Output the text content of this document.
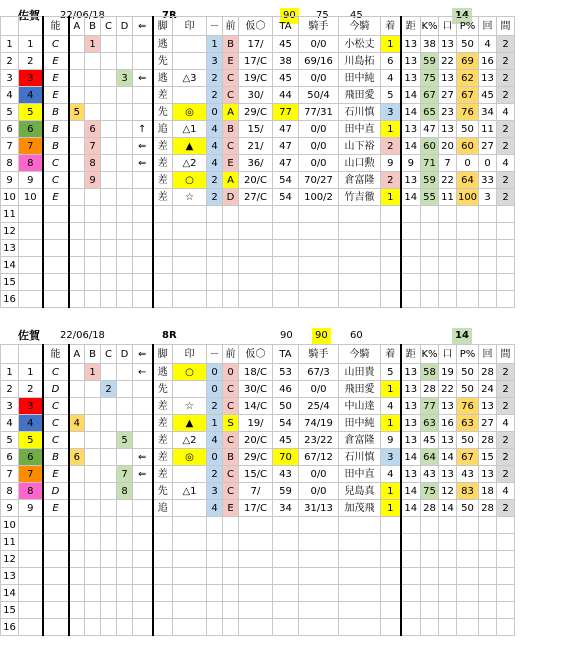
佐賀 22/06/18	7R	90	75 45	14
		能	A	B	C	D	⇐	脚	印	－	前	仮〇	TA	騎手	今騎	着	距	K%	口	P%	回	間
1	1	C		1				逃		1	B	17/	45	0/0	小松丈	1	13	38	13	50	4	2
2	2	E						先		3	E	17/C	38	69/16	川島拓	6	13	59	22	69	16	2
3	3	E				3	⇐	逃	△3	2	C	19/C	45	0/0	田中純	4	13	75	13	62	13	2
4	4	E						差		2	C	30/	44	50/4	飛田愛	5	14	67	27	67	45	2
5	5	B	5					先	◎	0	A	29/C	77	77/31	石川慎	3	14	65	23	76	34	4
6	6	B		6			↑	追	△1	4	B	15/	47	0/0	田中直	1	13	47	13	50	11	2
7	7	B		7			⇐	差	▲	4	C	21/	47	0/0	山下裕	2	14	60	20	60	27	2
8	8	C		8			⇐	差	△2	4	E	36/	47	0/0	山口勲	9	9	71	7	0	0	4
9	9	C		9				差	○	2	A	20/C	54	70/27	倉富隆	2	13	59	22	64	33	2
10	10	E						差	☆	2	D	27/C	54	100/2	竹吉徹	1	14	55	11	100	3	2
11																						
12																						
13																						
14																						
15																						
16																						
佐賀 22/06/18	8R	90	90	60	14
		能	A	B	C	D	⇐	脚	印	－	前	仮〇	TA	騎手	今騎	着	距	K%	口	P%	回	間
1	1	C		1			←	逃	○	0	0	18/C	53	67/3	山田貴	5	13	58	19	50	28	2
2	2	D			2			先		0	C	30/C	46	0/0	飛田愛	1	13	28	22	50	24	2
3	3	C						差	☆	2	C	14/C	50	25/4	中山達	4	13	77	13	76	13	2
4	4	C	4					差	▲	1	S	19/	54	74/19	田中純	1	13	63	16	63	27	4
5	5	C				5		差	△2	4	C	20/C	45	23/22	倉富隆	9	13	45	13	50	28	2
6	6	B	6				⇐	差	◎	0	B	29/C	70	67/12	石川慎	3	14	64	14	67	15	2
7	7	E				7	⇐	差		2	C	15/C	43	0/0	田中直	4	13	43	13	43	13	2
8	8	D				8		先	△1	3	C	7/	59	0/0	兒島真	1	14	75	12	83	18	4
9	9	E						追		4	E	17/C	34	31/13	加茂飛	1	14	28	14	50	28	2
10																						
11																						
12																						
13																						
14																						
15																						
16																						
